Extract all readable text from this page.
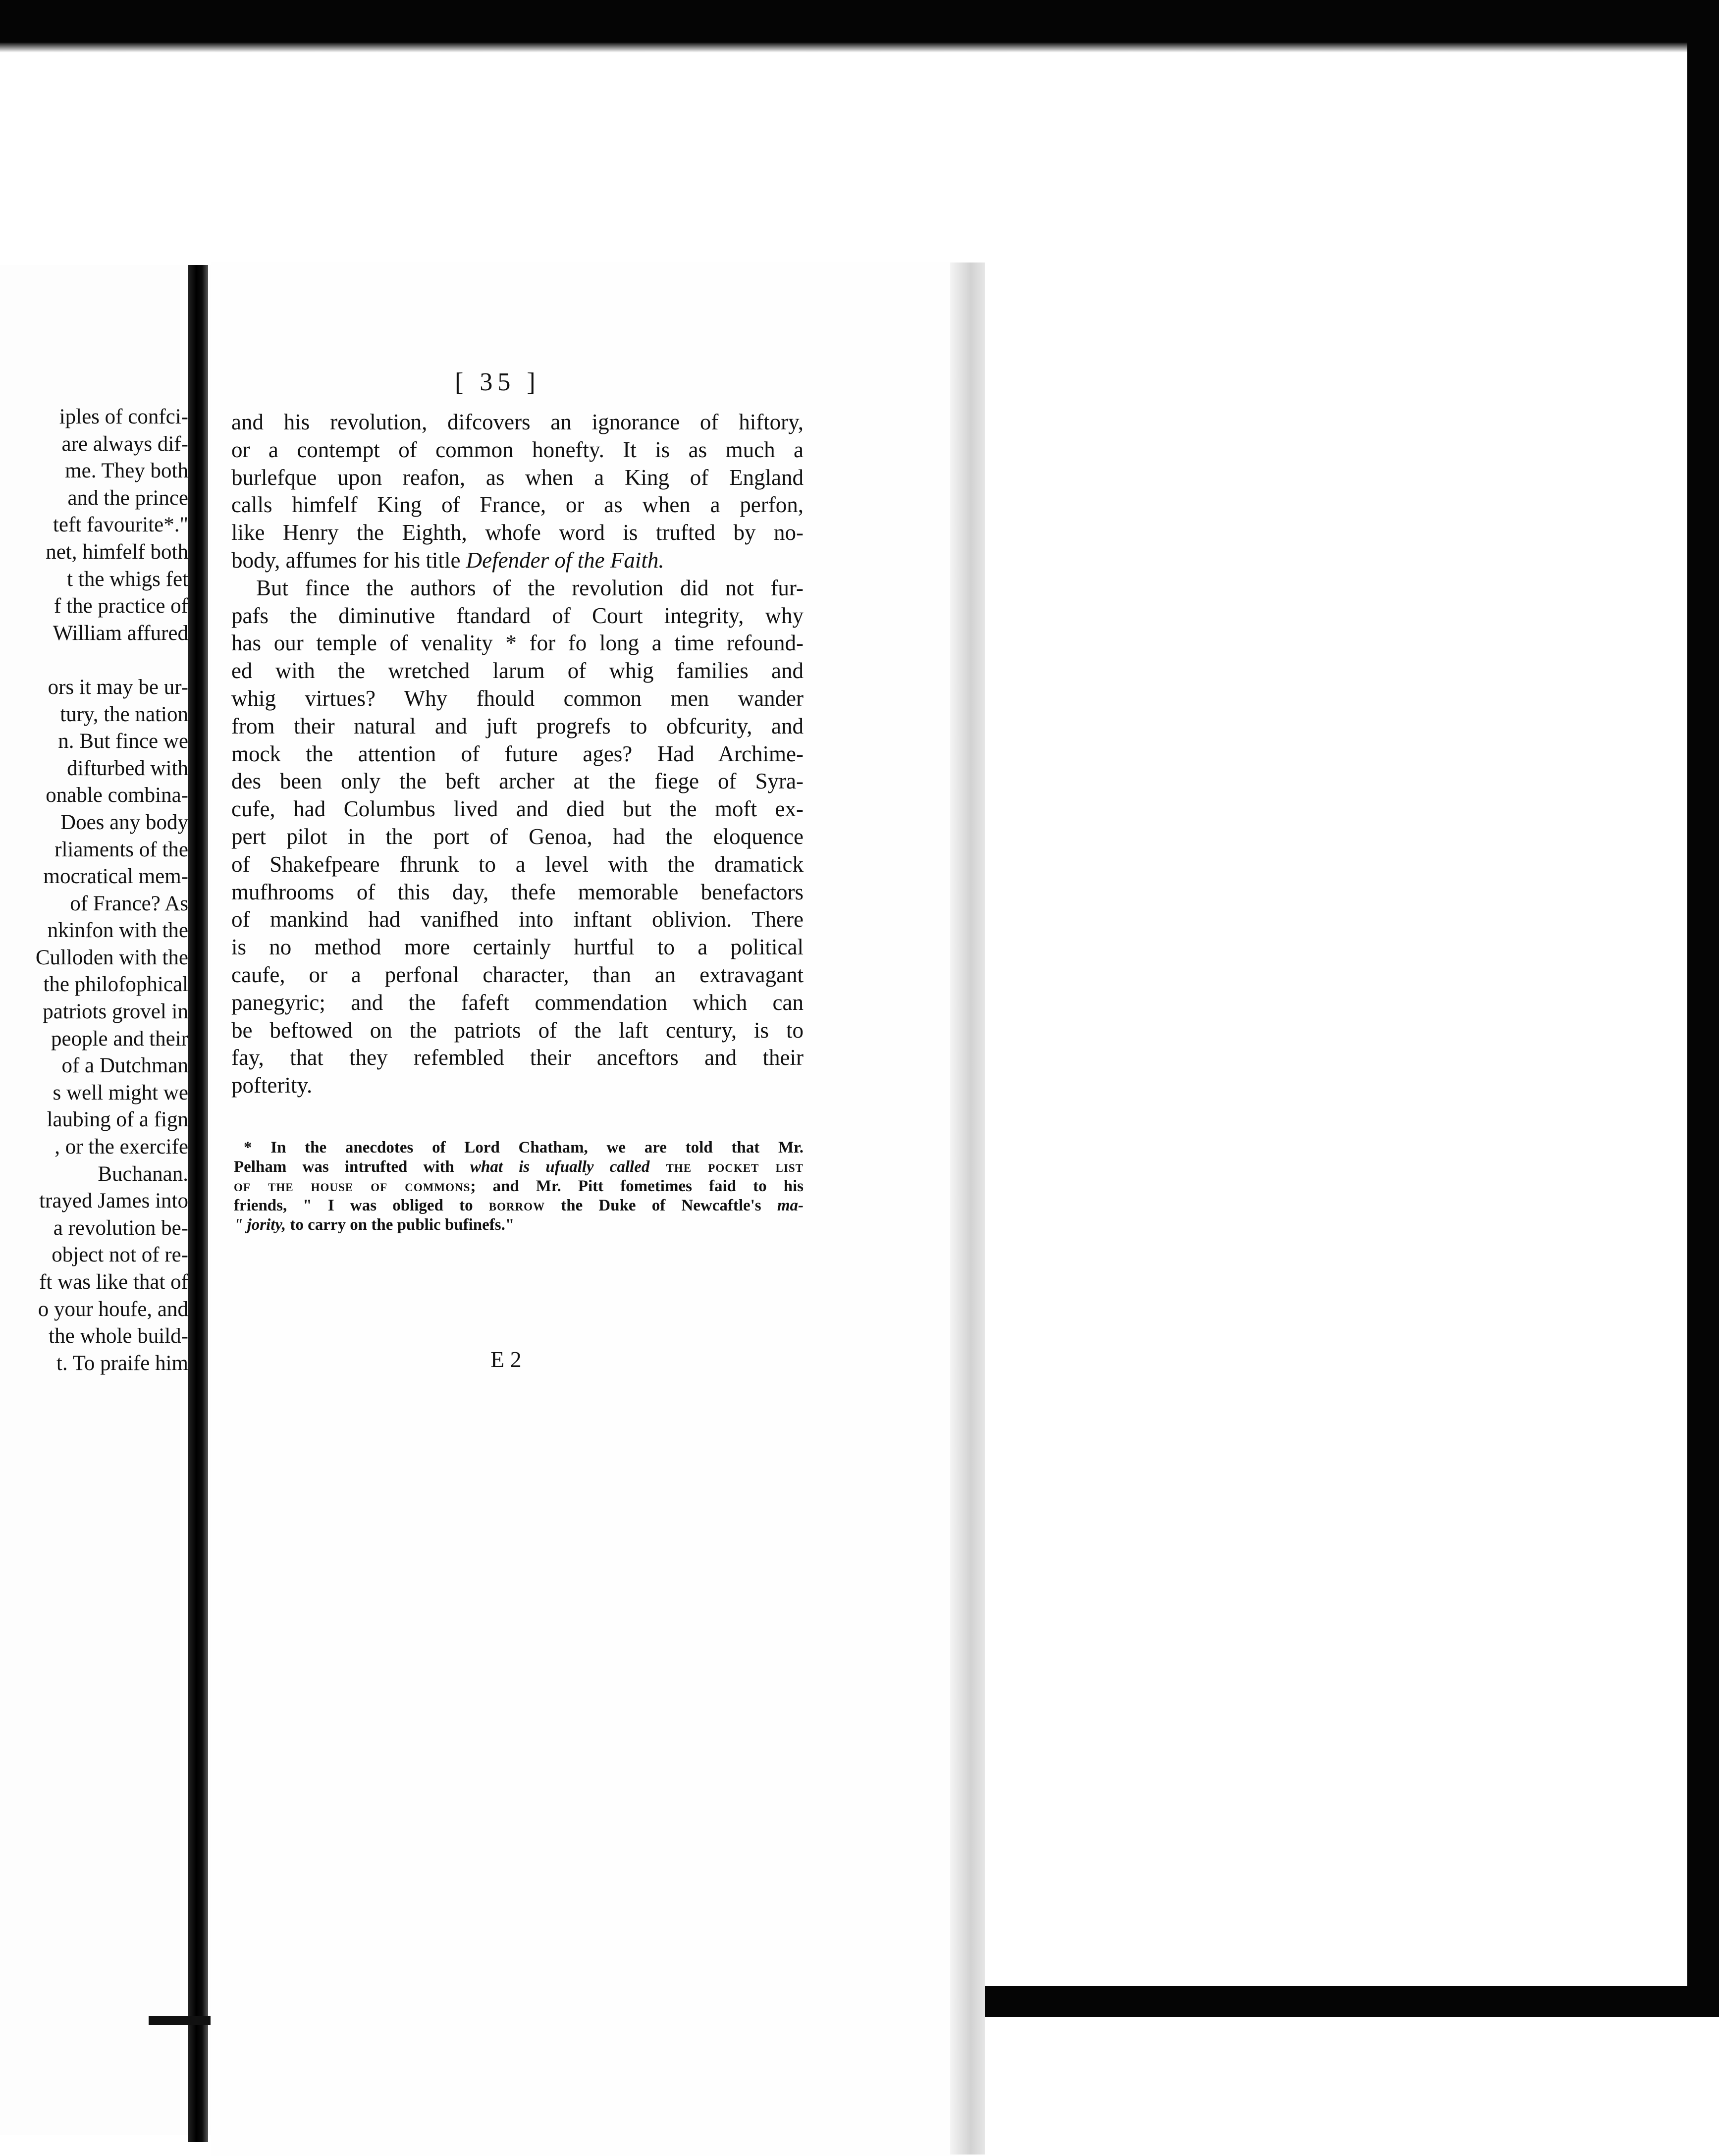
iples of confci-
are always dif-
me. They both
and the prince
teft favourite*."
net, himfelf both
t the whigs fet
f the practice of
William affured
ors it may be ur-
tury, the nation
n. But fince we
difturbed with
onable combina-
Does any body
rliaments of the
mocratical mem-
of France? As
nkinfon with the
Culloden with the
the philofophical
patriots grovel in
people and their
of a Dutchman
s well might we
laubing of a fign
, or the exercife
Buchanan.
trayed James into
a revolution be-
object not of re-
ft was like that of
o your houfe, and
the whole build-
t. To praife him
[ 35 ]
and his revolution, difcovers an ignorance of hiftory,
or a contempt of common honefty. It is as much a
burlefque upon reafon, as when a King of England
calls himfelf King of France, or as when a perfon,
like Henry the Eighth, whofe word is trufted by no-
body, affumes for his title Defender of the Faith.
But fince the authors of the revolution did not fur-
pafs the diminutive ftandard of Court integrity, why
has our temple of venality * for fo long a time refound-
ed with the wretched larum of whig families and
whig virtues? Why fhould common men wander
from their natural and juft progrefs to obfcurity, and
mock the attention of future ages? Had Archime-
des been only the beft archer at the fiege of Syra-
cufe, had Columbus lived and died but the moft ex-
pert pilot in the port of Genoa, had the eloquence
of Shakefpeare fhrunk to a level with the dramatick
mufhrooms of this day, thefe memorable benefactors
of mankind had vanifhed into inftant oblivion. There
is no method more certainly hurtful to a political
caufe, or a perfonal character, than an extravagant
panegyric; and the fafeft commendation which can
be beftowed on the patriots of the laft century, is to
fay, that they refembled their anceftors and their
pofterity.
* In the anecdotes of Lord Chatham, we are told that Mr.
Pelham was intrufted with what is ufually called the pocket list
of the house of commons; and Mr. Pitt fometimes faid to his
friends, " I was obliged to borrow the Duke of Newcaftle's ma-
" jority, to carry on the public bufinefs."
E 2
